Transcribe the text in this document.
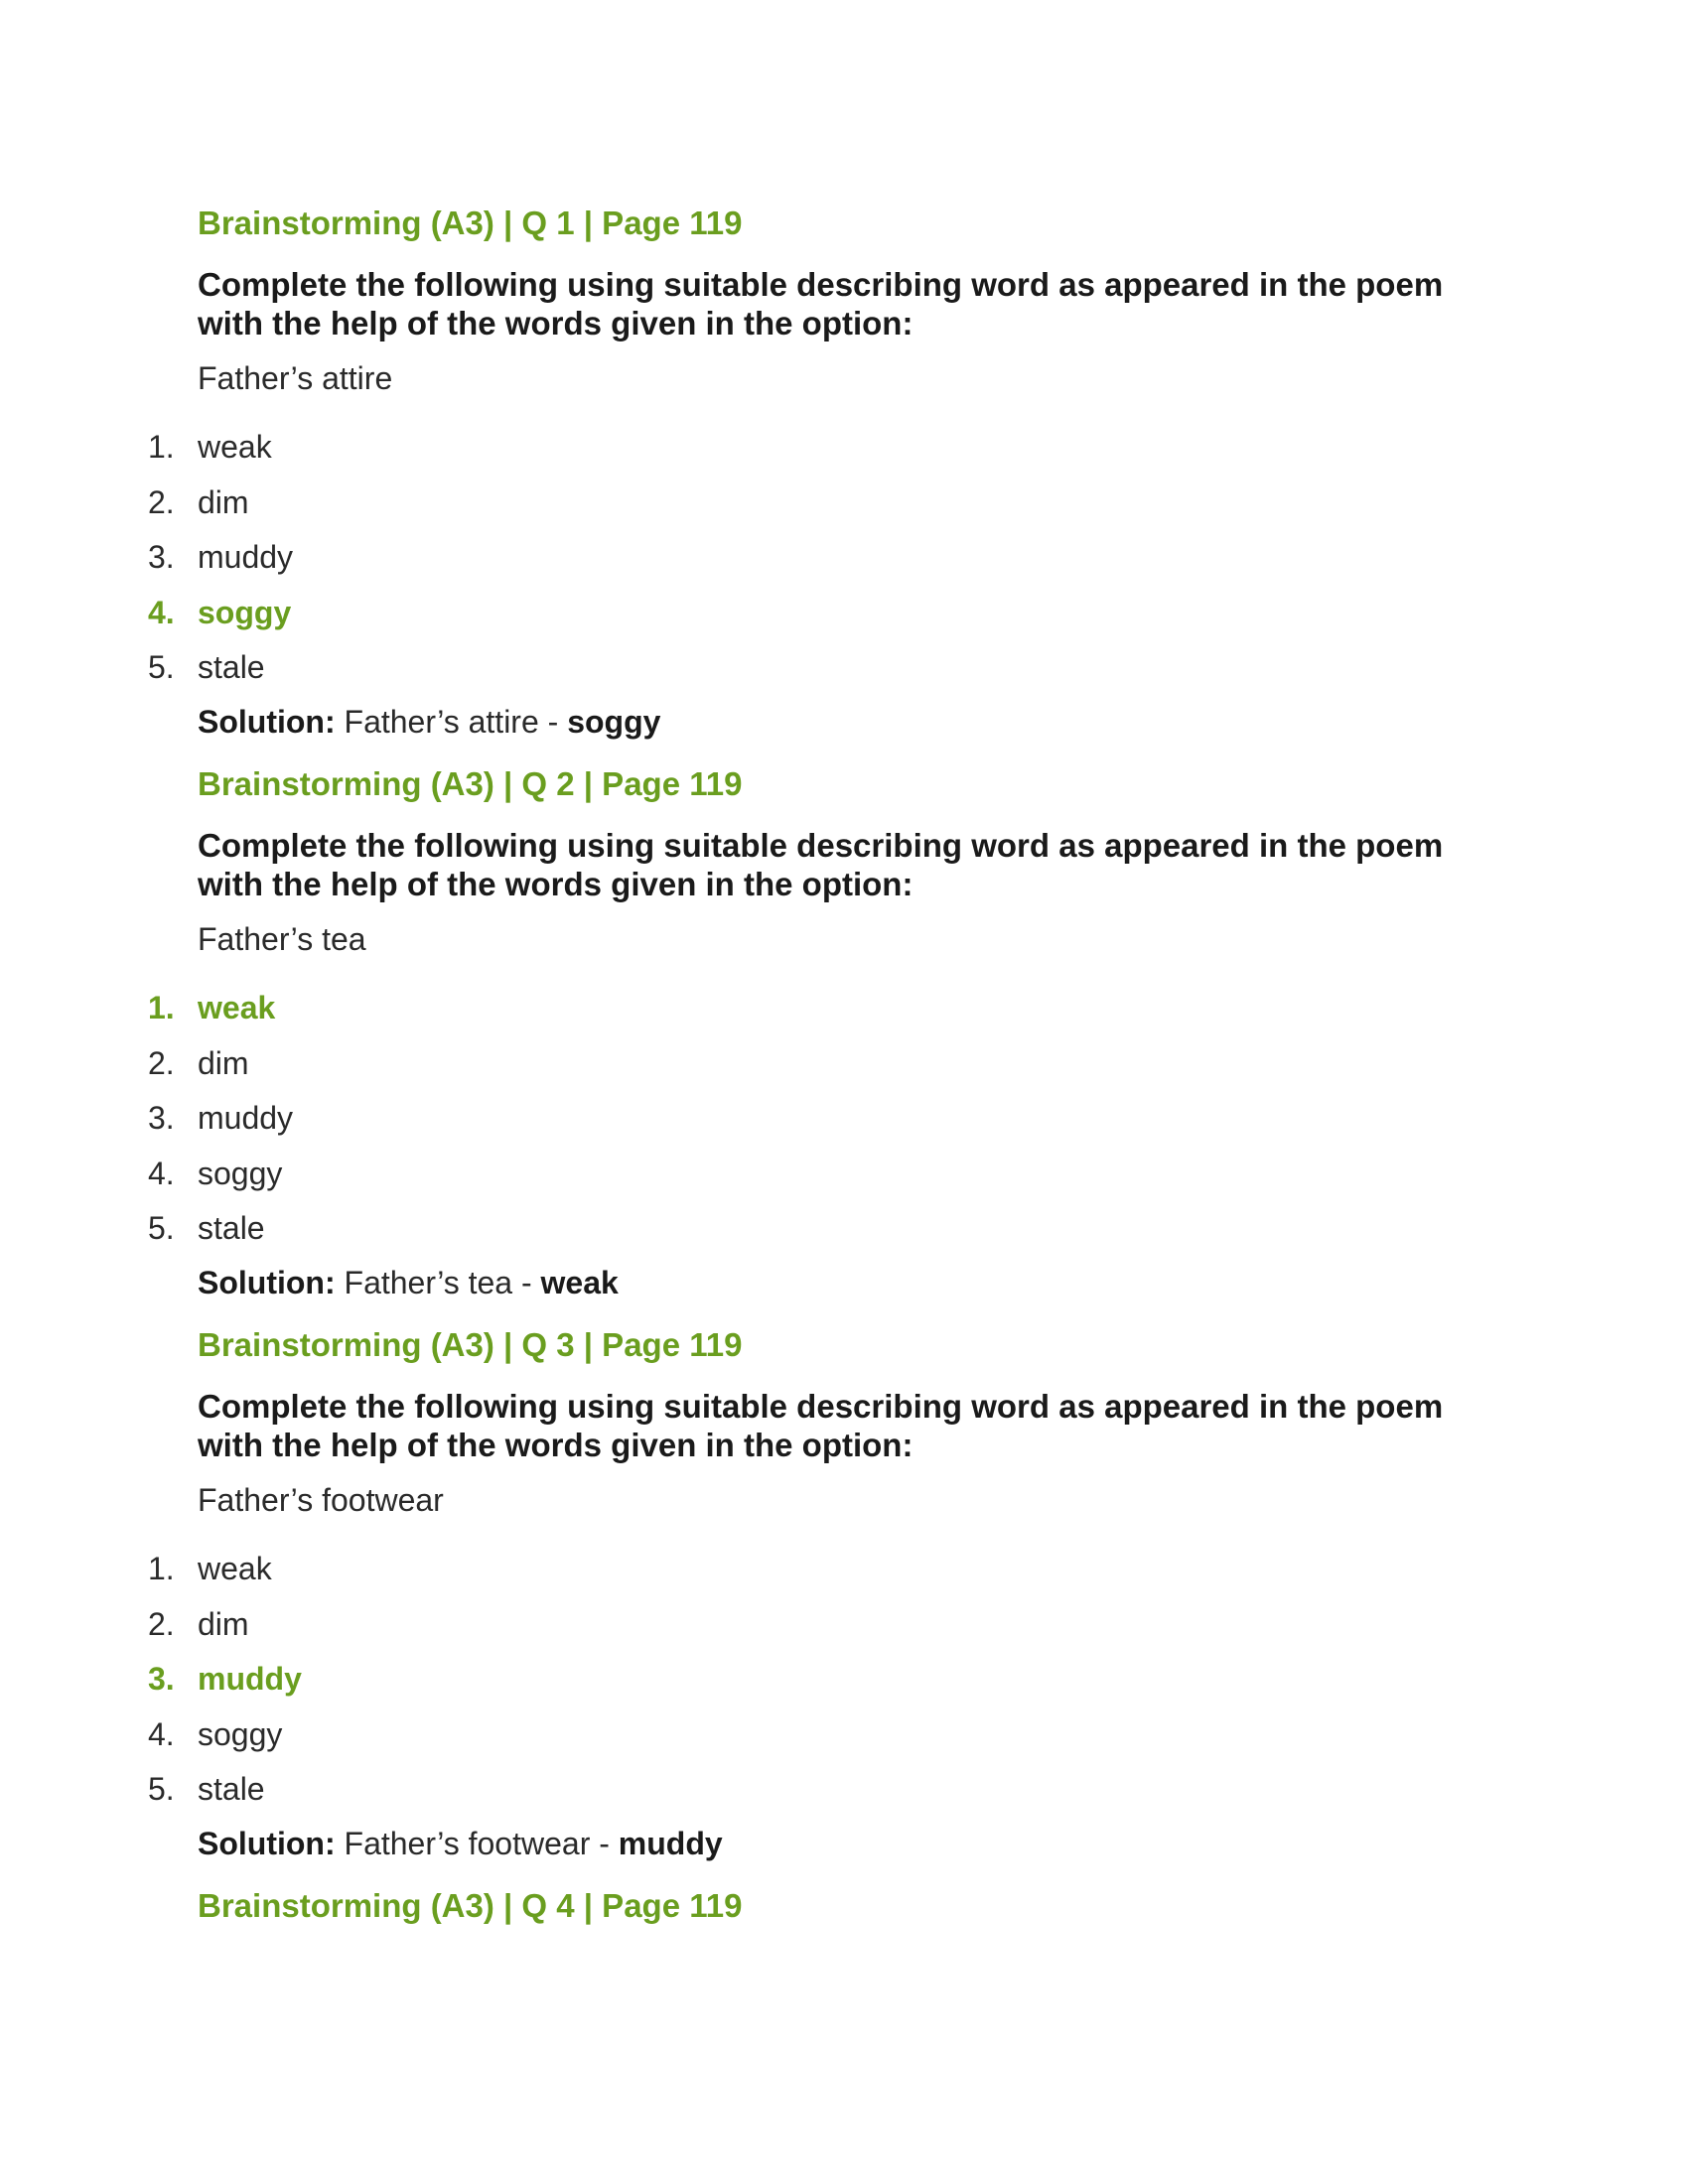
Brainstorming (A3) | Q 1 | Page 119
Complete the following using suitable describing word as appeared in the poem with the help of the words given in the option:
Father’s attire
1. weak
2. dim
3. muddy
4. soggy
5. stale
Solution: Father’s attire - soggy
Brainstorming (A3) | Q 2 | Page 119
Complete the following using suitable describing word as appeared in the poem with the help of the words given in the option:
Father’s tea
1. weak
2. dim
3. muddy
4. soggy
5. stale
Solution: Father’s tea - weak
Brainstorming (A3) | Q 3 | Page 119
Complete the following using suitable describing word as appeared in the poem with the help of the words given in the option:
Father’s footwear
1. weak
2. dim
3. muddy
4. soggy
5. stale
Solution: Father’s footwear - muddy
Brainstorming (A3) | Q 4 | Page 119
